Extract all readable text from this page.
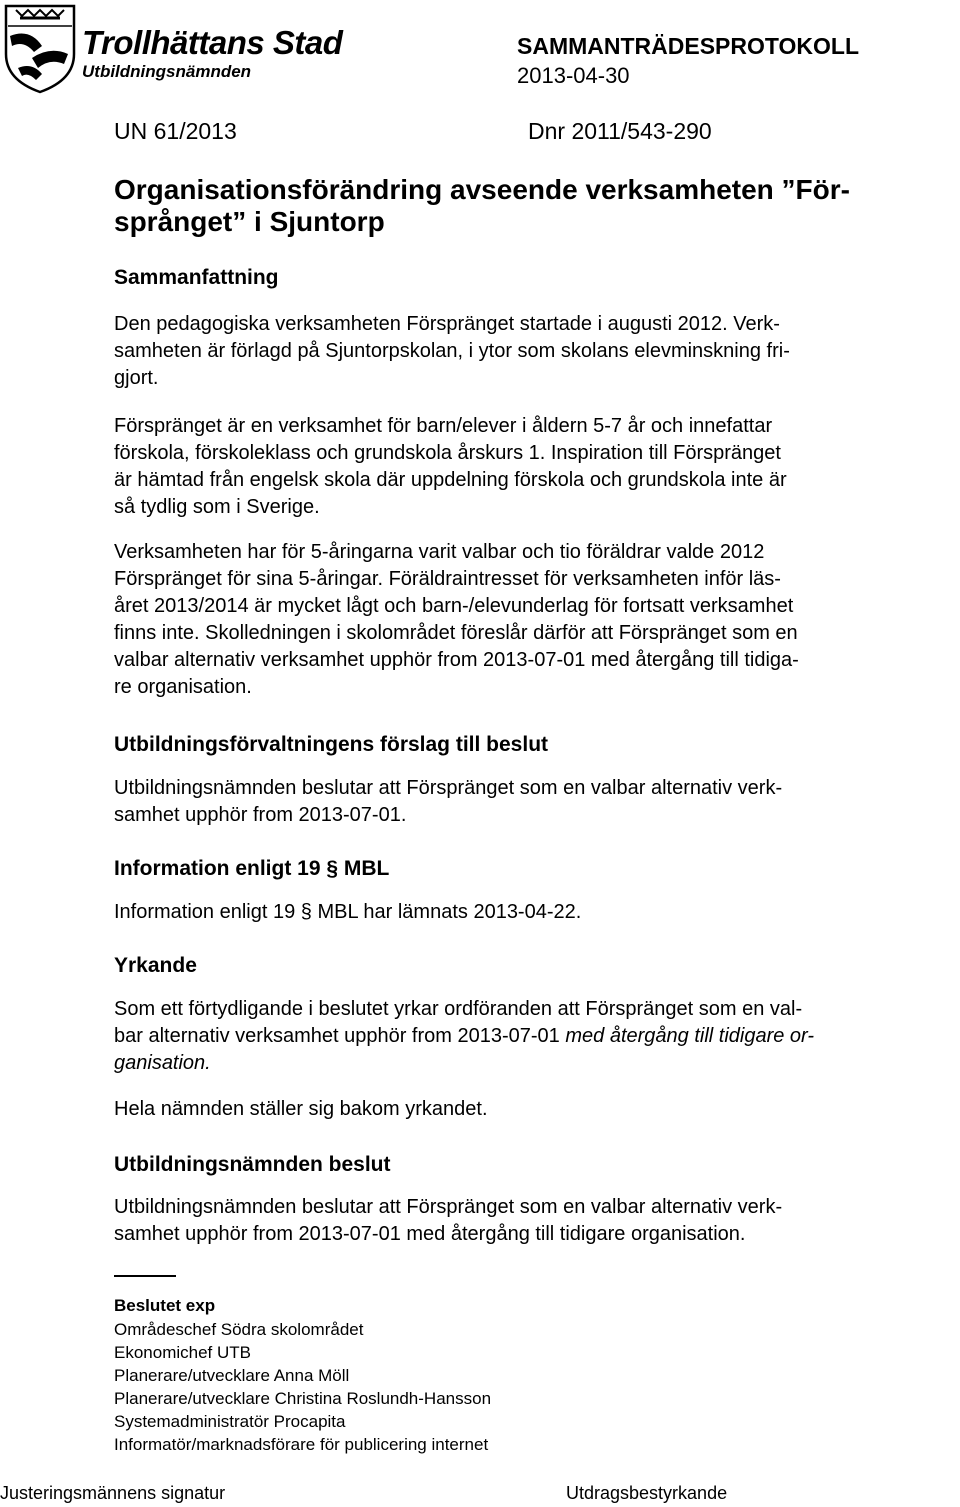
Trollhättans Stad
Utbildningsnämnden
SAMMANTRÄDESPROTOKOLL
2013-04-30
UN 61/2013	Dnr 2011/543-290
Organisationsförändring avseende verksamheten ”För-
språnget” i Sjuntorp
Sammanfattning
Den pedagogiska verksamheten Förspränget startade i augusti 2012. Verk-
samheten är förlagd på Sjuntorpskolan, i ytor som skolans elevminskning fri-
gjort.
Förspränget är en verksamhet för barn/elever i åldern 5-7 år och innefattar
förskola, förskoleklass och grundskola årskurs 1. Inspiration till Förspränget
är hämtad från engelsk skola där uppdelning förskola och grundskola inte är
så tydlig som i Sverige.
Verksamheten har för 5-åringarna varit valbar och tio föräldrar valde 2012
Förspränget för sina 5-åringar. Föräldraintresset för verksamheten inför läs-
året 2013/2014 är mycket lågt och barn-/elevunderlag för fortsatt verksamhet
finns inte. Skolledningen i skolområdet föreslår därför att Förspränget som en
valbar alternativ verksamhet upphör from 2013-07-01 med återgång till tidiga-
re organisation.
Utbildningsförvaltningens förslag till beslut
Utbildningsnämnden beslutar att Förspränget som en valbar alternativ verk-
samhet upphör from 2013-07-01.
Information enligt 19 § MBL
Information enligt 19 § MBL har lämnats 2013-04-22.
Yrkande
Som ett förtydligande i beslutet yrkar ordföranden att Förspränget som en val-
bar alternativ verksamhet upphör from 2013-07-01 med återgång till tidigare or-
ganisation.
Hela nämnden ställer sig bakom yrkandet.
Utbildningsnämnden beslut
Utbildningsnämnden beslutar att Förspränget som en valbar alternativ verk-
samhet upphör from 2013-07-01 med återgång till tidigare organisation.
Beslutet exp
Områdeschef Södra skolområdet
Ekonomichef UTB
Planerare/utvecklare Anna Möll
Planerare/utvecklare Christina Roslundh-Hansson
Systemadministratör Procapita
Informatör/marknadsförare för publicering internet
Justeringsmännens signatur	Utdragsbestyrkande
